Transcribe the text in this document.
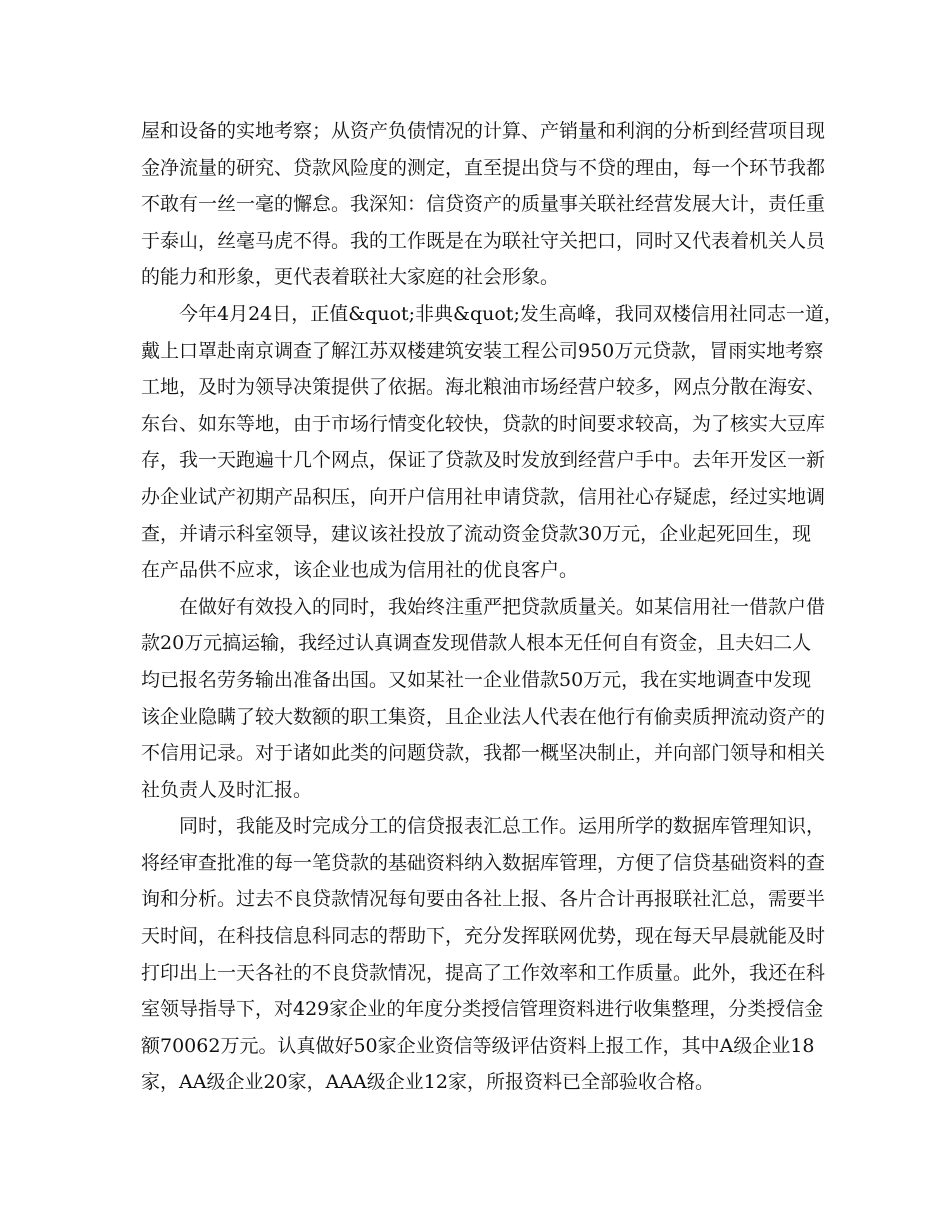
屋和设备的实地考察；从资产负债情况的计算、产销量和利润的分析到经营项目现
金净流量的研究、贷款风险度的测定，直至提出贷与不贷的理由，每一个环节我都
不敢有一丝一毫的懈怠。我深知：信贷资产的质量事关联社经营发展大计，责任重
于泰山，丝毫马虎不得。我的工作既是在为联社守关把口，同时又代表着机关人员
的能力和形象，更代表着联社大家庭的社会形象。
　　今年4月24日，正值&quot;非典&quot;发生高峰，我同双楼信用社同志一道，
戴上口罩赴南京调查了解江苏双楼建筑安装工程公司950万元贷款，冒雨实地考察
工地，及时为领导决策提供了依据。海北粮油市场经营户较多，网点分散在海安、
东台、如东等地，由于市场行情变化较快，贷款的时间要求较高，为了核实大豆库
存，我一天跑遍十几个网点，保证了贷款及时发放到经营户手中。去年开发区一新
办企业试产初期产品积压，向开户信用社申请贷款，信用社心存疑虑，经过实地调
查，并请示科室领导，建议该社投放了流动资金贷款30万元，企业起死回生，现
在产品供不应求，该企业也成为信用社的优良客户。
　　在做好有效投入的同时，我始终注重严把贷款质量关。如某信用社一借款户借
款20万元搞运输，我经过认真调查发现借款人根本无任何自有资金，且夫妇二人
均已报名劳务输出准备出国。又如某社一企业借款50万元，我在实地调查中发现
该企业隐瞒了较大数额的职工集资，且企业法人代表在他行有偷卖质押流动资产的
不信用记录。对于诸如此类的问题贷款，我都一概坚决制止，并向部门领导和相关
社负责人及时汇报。
　　同时，我能及时完成分工的信贷报表汇总工作。运用所学的数据库管理知识，
将经审查批准的每一笔贷款的基础资料纳入数据库管理，方便了信贷基础资料的查
询和分析。过去不良贷款情况每旬要由各社上报、各片合计再报联社汇总，需要半
天时间，在科技信息科同志的帮助下，充分发挥联网优势，现在每天早晨就能及时
打印出上一天各社的不良贷款情况，提高了工作效率和工作质量。此外，我还在科
室领导指导下，对429家企业的年度分类授信管理资料进行收集整理，分类授信金
额70062万元。认真做好50家企业资信等级评估资料上报工作，其中A级企业18
家，AA级企业20家，AAA级企业12家，所报资料已全部验收合格。
